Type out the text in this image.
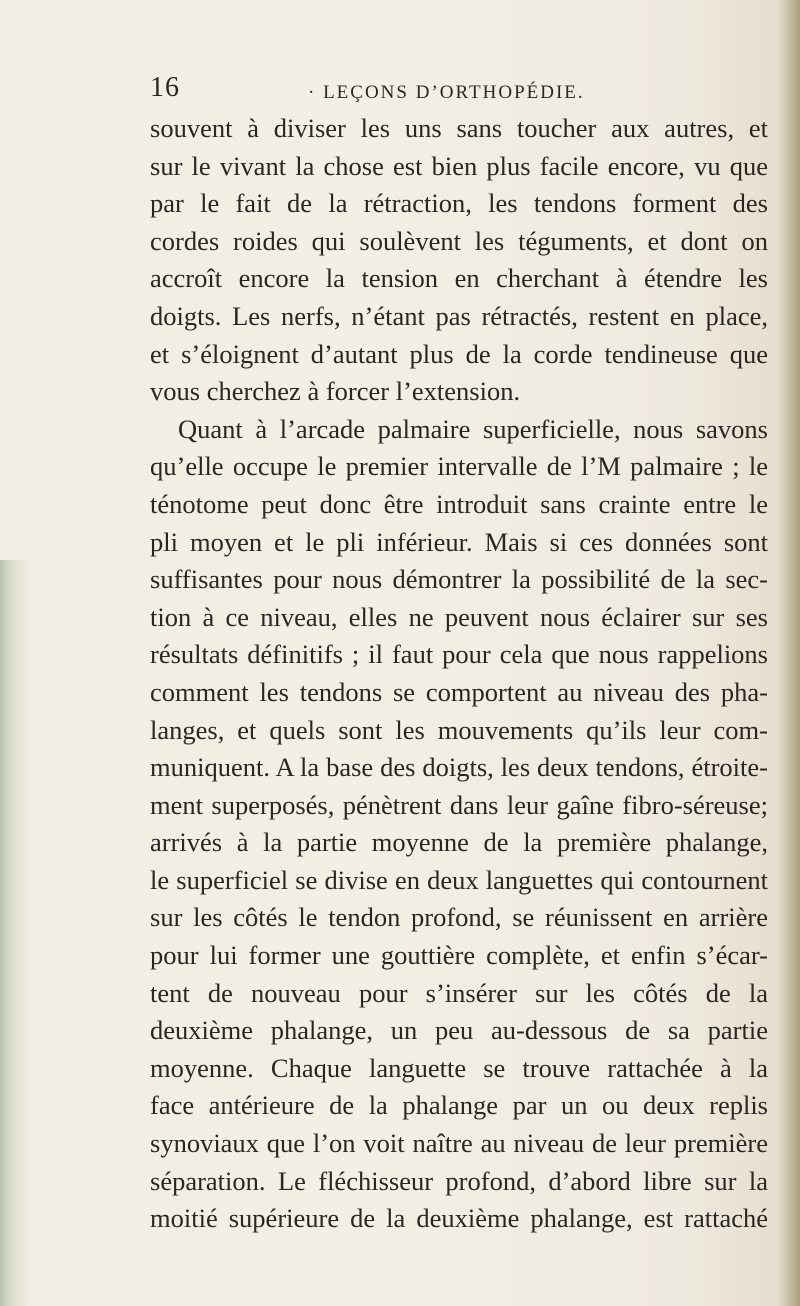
16	· LEÇONS D’ORTHOPÉDIE.
souvent à diviser les uns sans toucher aux autres, et
sur le vivant la chose est bien plus facile encore, vu que
par le fait de la rétraction, les tendons forment des
cordes roides qui soulèvent les téguments, et dont on
accroît encore la tension en cherchant à étendre les
doigts. Les nerfs, n’étant pas rétractés, restent en place,
et s’éloignent d’autant plus de la corde tendineuse que
vous cherchez à forcer l’extension.
Quant à l’arcade palmaire superficielle, nous savons
qu’elle occupe le premier intervalle de l’M palmaire ; le
ténotome peut donc être introduit sans crainte entre le
pli moyen et le pli inférieur. Mais si ces données sont
suffisantes pour nous démontrer la possibilité de la sec-
tion à ce niveau, elles ne peuvent nous éclairer sur ses
résultats définitifs ; il faut pour cela que nous rappelions
comment les tendons se comportent au niveau des pha-
langes, et quels sont les mouvements qu’ils leur com-
muniquent. A la base des doigts, les deux tendons, étroite-
ment superposés, pénètrent dans leur gaîne fibro-séreuse;
arrivés à la partie moyenne de la première phalange,
le superficiel se divise en deux languettes qui contournent
sur les côtés le tendon profond, se réunissent en arrière
pour lui former une gouttière complète, et enfin s’écar-
tent de nouveau pour s’insérer sur les côtés de la
deuxième phalange, un peu au-dessous de sa partie
moyenne. Chaque languette se trouve rattachée à la
face antérieure de la phalange par un ou deux replis
synoviaux que l’on voit naître au niveau de leur première
séparation. Le fléchisseur profond, d’abord libre sur la
moitié supérieure de la deuxième phalange, est rattaché
